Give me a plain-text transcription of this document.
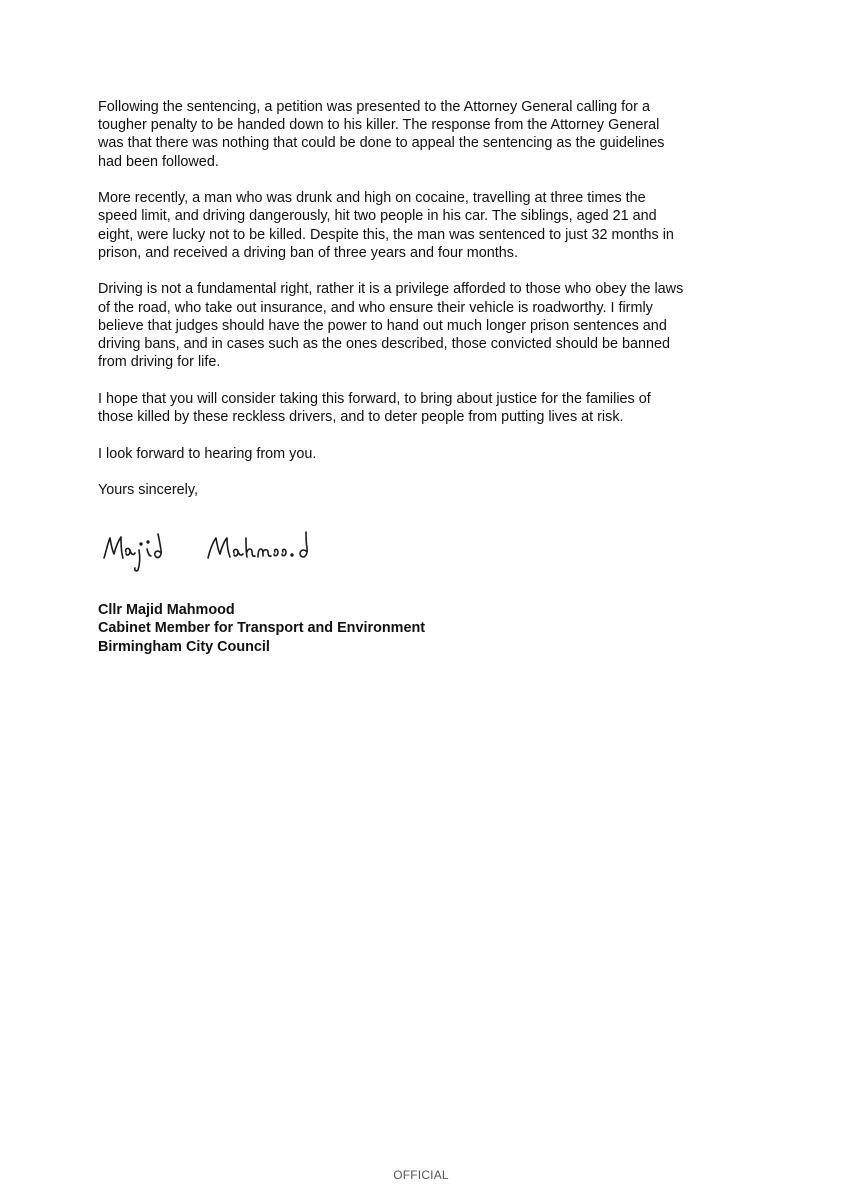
Following the sentencing, a petition was presented to the Attorney General calling for a
tougher penalty to be handed down to his killer. The response from the Attorney General
was that there was nothing that could be done to appeal the sentencing as the guidelines
had been followed.

More recently, a man who was drunk and high on cocaine, travelling at three times the
speed limit, and driving dangerously, hit two people in his car. The siblings, aged 21 and
eight, were lucky not to be killed. Despite this, the man was sentenced to just 32 months in
prison, and received a driving ban of three years and four months.

Driving is not a fundamental right, rather it is a privilege afforded to those who obey the laws
of the road, who take out insurance, and who ensure their vehicle is roadworthy. I firmly
believe that judges should have the power to hand out much longer prison sentences and
driving bans, and in cases such as the ones described, those convicted should be banned
from driving for life.

I hope that you will consider taking this forward, to bring about justice for the families of
those killed by these reckless drivers, and to deter people from putting lives at risk.

I look forward to hearing from you.

Yours sincerely,

Cllr Majid Mahmood
Cabinet Member for Transport and Environment
Birmingham City Council
OFFICIAL
